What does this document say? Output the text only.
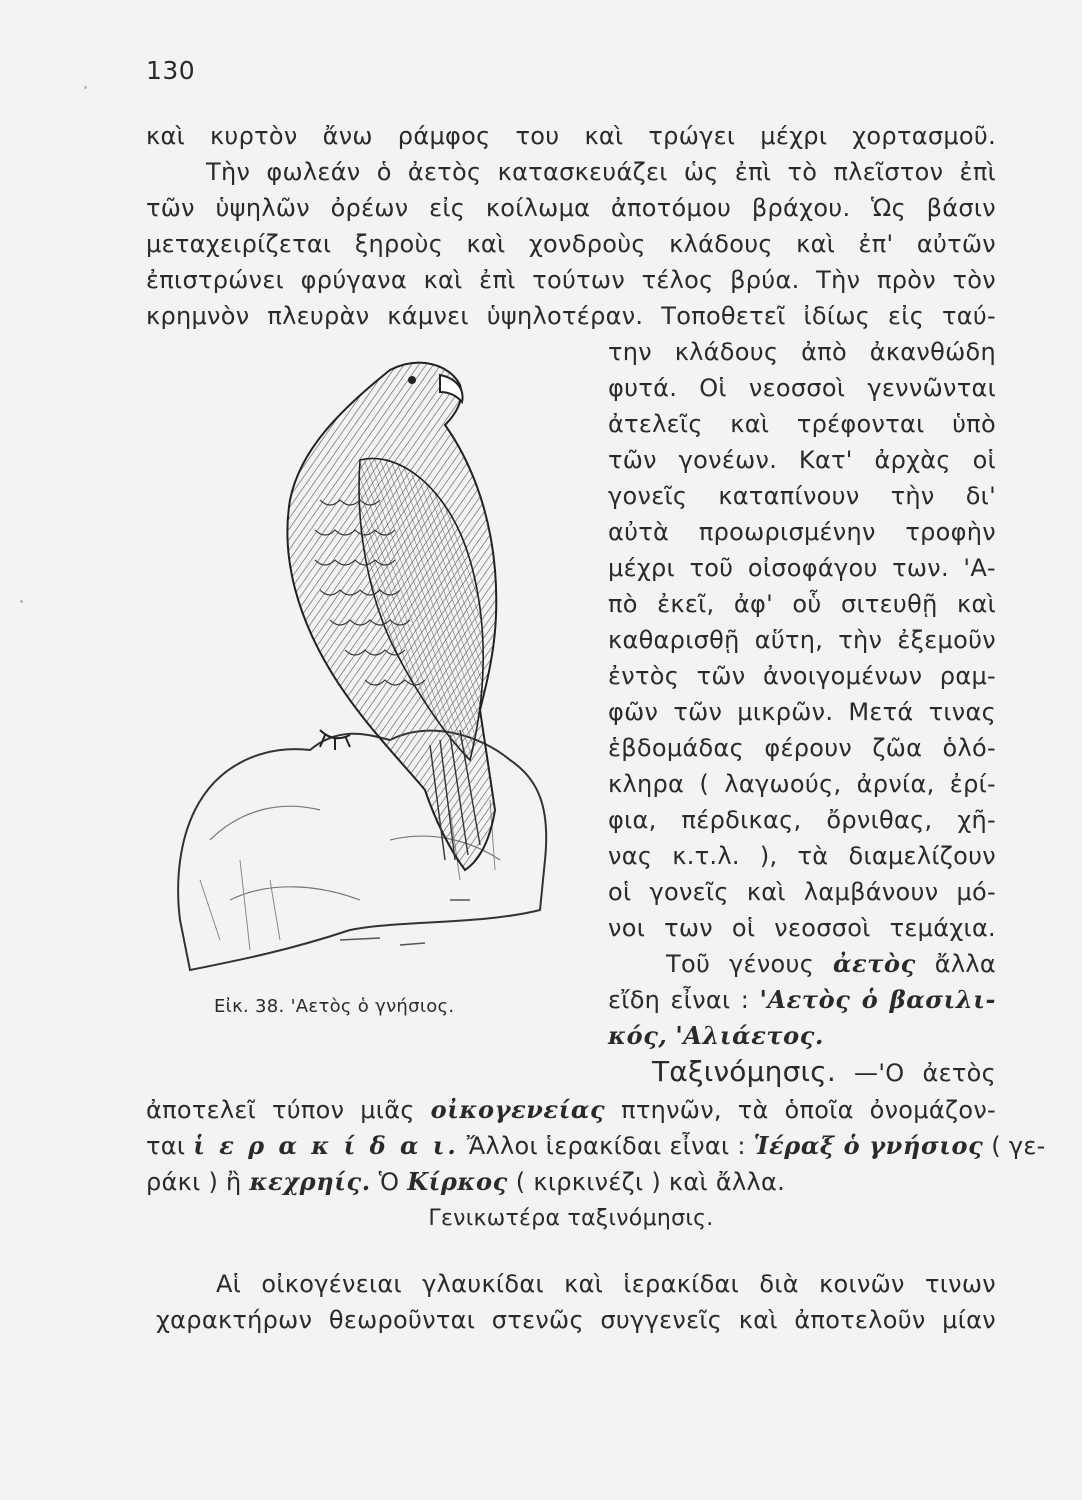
130
καὶ κυρτὸν ἄνω ράμφος του καὶ τρώγει μέχρι χορτασμοῦ.
Τὴν φωλεάν ὁ ἀετὸς κατασκευάζει ὡς ἐπὶ τὸ πλεῖστον ἐπὶ
τῶν ὑψηλῶν ὀρέων εἰς κοίλωμα ἀποτόμου βράχου. Ὡς βάσιν
μεταχειρίζεται ξηροὺς καὶ χονδροὺς κλάδους καὶ ἐπ' αὐτῶν
ἐπιστρώνει φρύγανα καὶ ἐπὶ τούτων τέλος βρύα. Τὴν πρὸν τὸν
κρημνὸν πλευρὰν κάμνει ὑψηλοτέραν. Τοποθετεῖ ἰδίως εἰς ταύ-
την κλάδους ἀπὸ ἀκανθώδη
φυτά. Οἱ νεοσσοὶ γεννῶνται
ἀτελεῖς καὶ τρέφονται ὑπὸ
τῶν γονέων. Κατ' ἀρχὰς οἱ
γονεῖς καταπίνουν τὴν δι'
αὐτὰ προωρισμένην τροφὴν
μέχρι τοῦ οἰσοφάγου των. 'Α-
πὸ ἐκεῖ, ἀφ' οὗ σιτευθῇ καὶ
καθαρισθῇ αὕτη, τὴν ἐξεμοῦν
ἐντὸς τῶν ἀνοιγομένων ραμ-
φῶν τῶν μικρῶν. Μετά τινας
ἑβδομάδας φέρουν ζῶα ὁλό-
κληρα ( λαγωούς, ἀρνία, ἐρί-
φια, πέρδικας, ὄρνιθας, χῆ-
νας κ.τ.λ. ), τὰ διαμελίζουν
οἱ γονεῖς καὶ λαμβάνουν μό-
νοι των οἱ νεοσσοὶ τεμάχια.
Τοῦ γένους ἀετὸς ἄλλα
εἴδη εἶναι : 'Αετὸς ὁ βασιλι-
κός, 'Αλιάετος.
Ταξινόμησις. —'Ο ἀετὸς
ἀποτελεῖ τύπον μιᾶς οἰκογενείας πτηνῶν, τὰ ὁποῖα ὀνομάζον-
ται ἱ ε ρ α κ ί δ α ι. Ἄλλοι ἱερακίδαι εἶναι : Ἱέραξ ὁ γνήσιος ( γε-
ράκι ) ἢ κεχρηίς. Ὁ Κίρκος ( κιρκινέζι ) καὶ ἄλλα.
Γενικωτέρα ταξινόμησις.
Αἱ οἰκογένειαι γλαυκίδαι καὶ ἱερακίδαι διὰ κοινῶν τινων
χαρακτήρων θεωροῦνται στενῶς συγγενεῖς καὶ ἀποτελοῦν μίαν
Εἰκ. 38. 'Αετὸς ὁ γνήσιος.
